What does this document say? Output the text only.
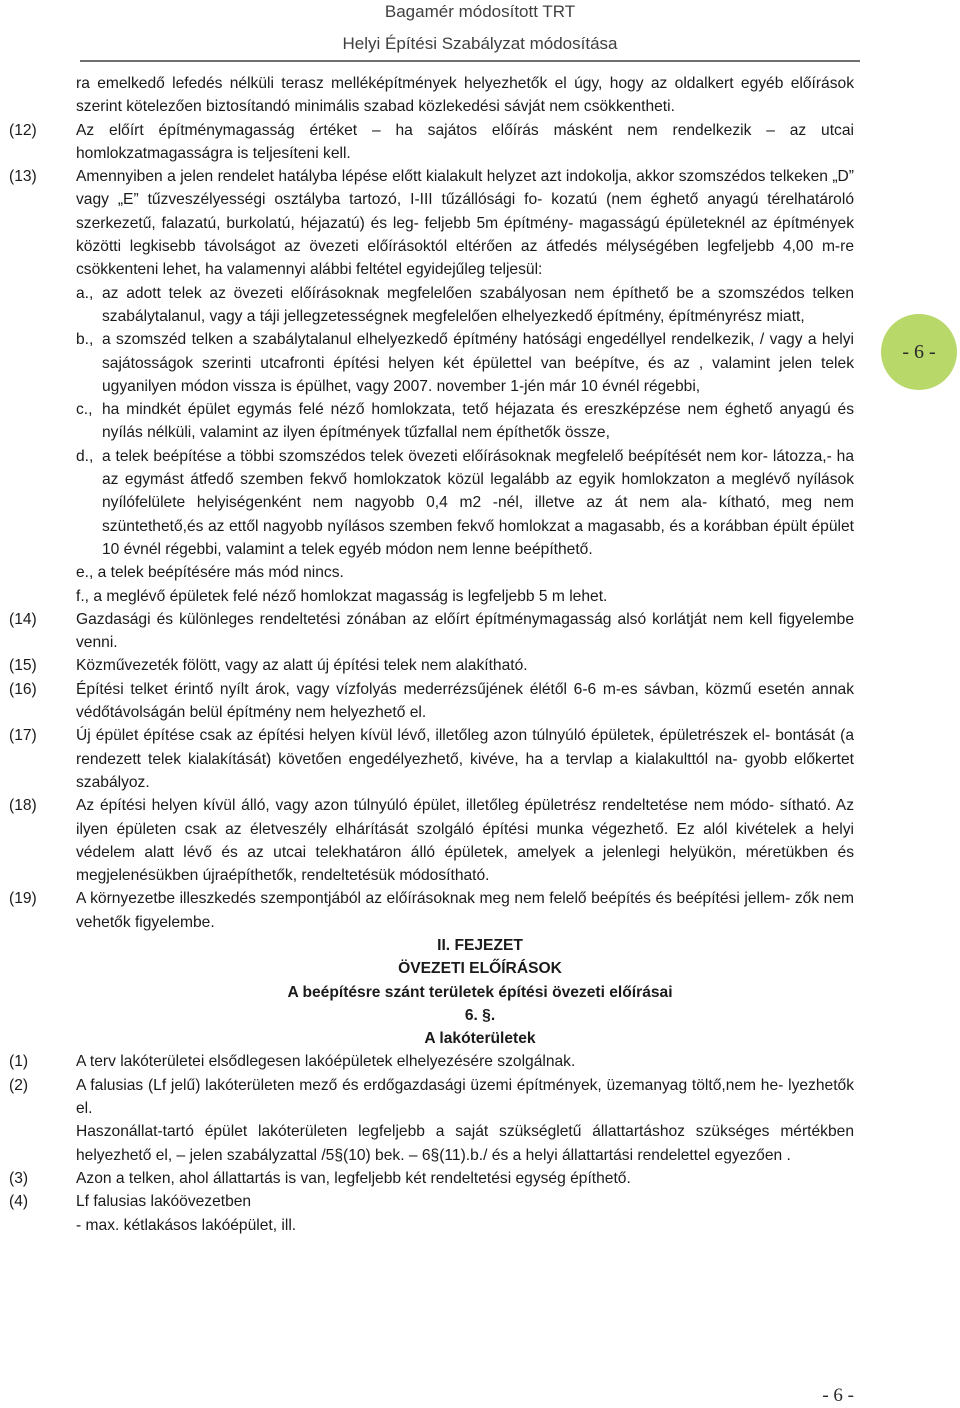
Bagamér módosított TRT
Helyi Építési Szabályzat módosítása
- 6 -
ra emelkedő lefedés nélküli terasz melléképítmények helyezhetők el úgy, hogy az oldalkert egyéb előírások szerint kötelezően biztosítandó minimális szabad közlekedési sávját nem csökkentheti.
(12)	Az előírt építménymagasság értéket – ha sajátos előírás másként nem rendelkezik – az utcai homlokzatmagasságra is teljesíteni kell.
(13)	Amennyiben a jelen rendelet hatályba lépése előtt kialakult helyzet azt indokolja, akkor szomszédos telkeken „D” vagy „E” tűzveszélyességi osztályba tartozó, I-III tűzállósági fo- kozatú (nem éghető anyagú térelhatároló szerkezetű, falazatú, burkolatú, héjazatú) és leg- feljebb 5m építmény- magasságú épületeknél az építmények közötti legkisebb távolságot az övezeti előírásoktól eltérően az átfedés mélységében legfeljebb 4,00 m-re csökkenteni lehet, ha valamennyi alábbi feltétel egyidejűleg teljesül:
a., az adott telek az övezeti előírásoknak megfelelően szabályosan nem építhető be a szomszédos telken szabálytalanul, vagy a táji jellegzetességnek megfelelően elhelyezkedő építmény, építményrész miatt,
b., a szomszéd telken a szabálytalanul elhelyezkedő építmény hatósági engedéllyel rendelkezik, / vagy a helyi sajátosságok szerinti utcafronti építési helyen két épülettel van beépítve, és az , valamint jelen telek ugyanilyen módon vissza is épülhet, vagy 2007. november 1-jén már 10 évnél régebbi,
c., ha mindkét épület egymás felé néző homlokzata, tető héjazata és ereszképzése nem éghető anyagú és nyílás nélküli, valamint az ilyen építmények tűzfallal nem építhetők össze,
d., a telek beépítése a többi szomszédos telek övezeti előírásoknak megfelelő beépítését nem kor- látozza,- ha az egymást átfedő szemben fekvő homlokzatok közül legalább az egyik homlokzaton a meglévő nyílások nyílófelülete helyiségenként nem nagyobb 0,4 m2 -nél, illetve az át nem ala- kítható, meg nem szüntethető,és az ettől nagyobb nyílásos szemben fekvő homlokzat a magasabb, és a korábban épült épület 10 évnél régebbi, valamint a telek egyéb módon nem lenne beépíthető.
e., a telek beépítésére más mód nincs.
f., a meglévő épületek felé néző homlokzat magasság is legfeljebb 5 m lehet.
(14)	Gazdasági és különleges rendeltetési zónában az előírt építménymagasság alsó korlátját nem kell figyelembe venni.
(15)	Közművezeték fölött, vagy az alatt új építési telek nem alakítható.
(16)	Építési telket érintő nyílt árok, vagy vízfolyás mederrézsűjének élétől 6-6 m-es sávban, közmű esetén annak védőtávolságán belül építmény nem helyezhető el.
(17)	Új épület építése csak az építési helyen kívül lévő, illetőleg azon túlnyúló épületek, épületrészek el- bontását (a rendezett telek kialakítását) követően engedélyezhető, kivéve, ha a tervlap a kialakulttól na- gyobb előkertet szabályoz.
(18)	Az építési helyen kívül álló, vagy azon túlnyúló épület, illetőleg épületrész rendeltetése nem módo- sítható. Az ilyen épületen csak az életveszély elhárítását szolgáló építési munka végezhető. Ez alól kivételek a helyi védelem alatt lévő és az utcai telekhatáron álló épületek, amelyek a jelenlegi helyükön, méretükben és megjelenésükben újraépíthetők, rendeltetésük módosítható.
(19)	A környezetbe illeszkedés szempontjából az előírásoknak meg nem felelő beépítés és beépítési jellem- zők nem vehetők figyelembe.
II. FEJEZET
ÖVEZETI ELŐÍRÁSOK
A beépítésre szánt területek építési övezeti előírásai
6. §.
A lakóterületek
(1)	A terv lakóterületei elsődlegesen lakóépületek elhelyezésére szolgálnak.
(2)	A falusias (Lf jelű) lakóterületen mező és erdőgazdasági üzemi építmények, üzemanyag töltő,nem he- lyezhetők el.
Haszonállat-tartó épület lakóterületen legfeljebb a saját szükségletű állattartáshoz szükséges mértékben helyezhető el, – jelen szabályzattal /5§(10) bek. – 6§(11).b./ és a helyi állattartási rendelettel egyezően .
(3)	Azon a telken, ahol állattartás is van, legfeljebb két rendeltetési egység építhető.
(4)	Lf falusias lakóövezetben
- max. kétlakásos lakóépület, ill.
- 6 -
